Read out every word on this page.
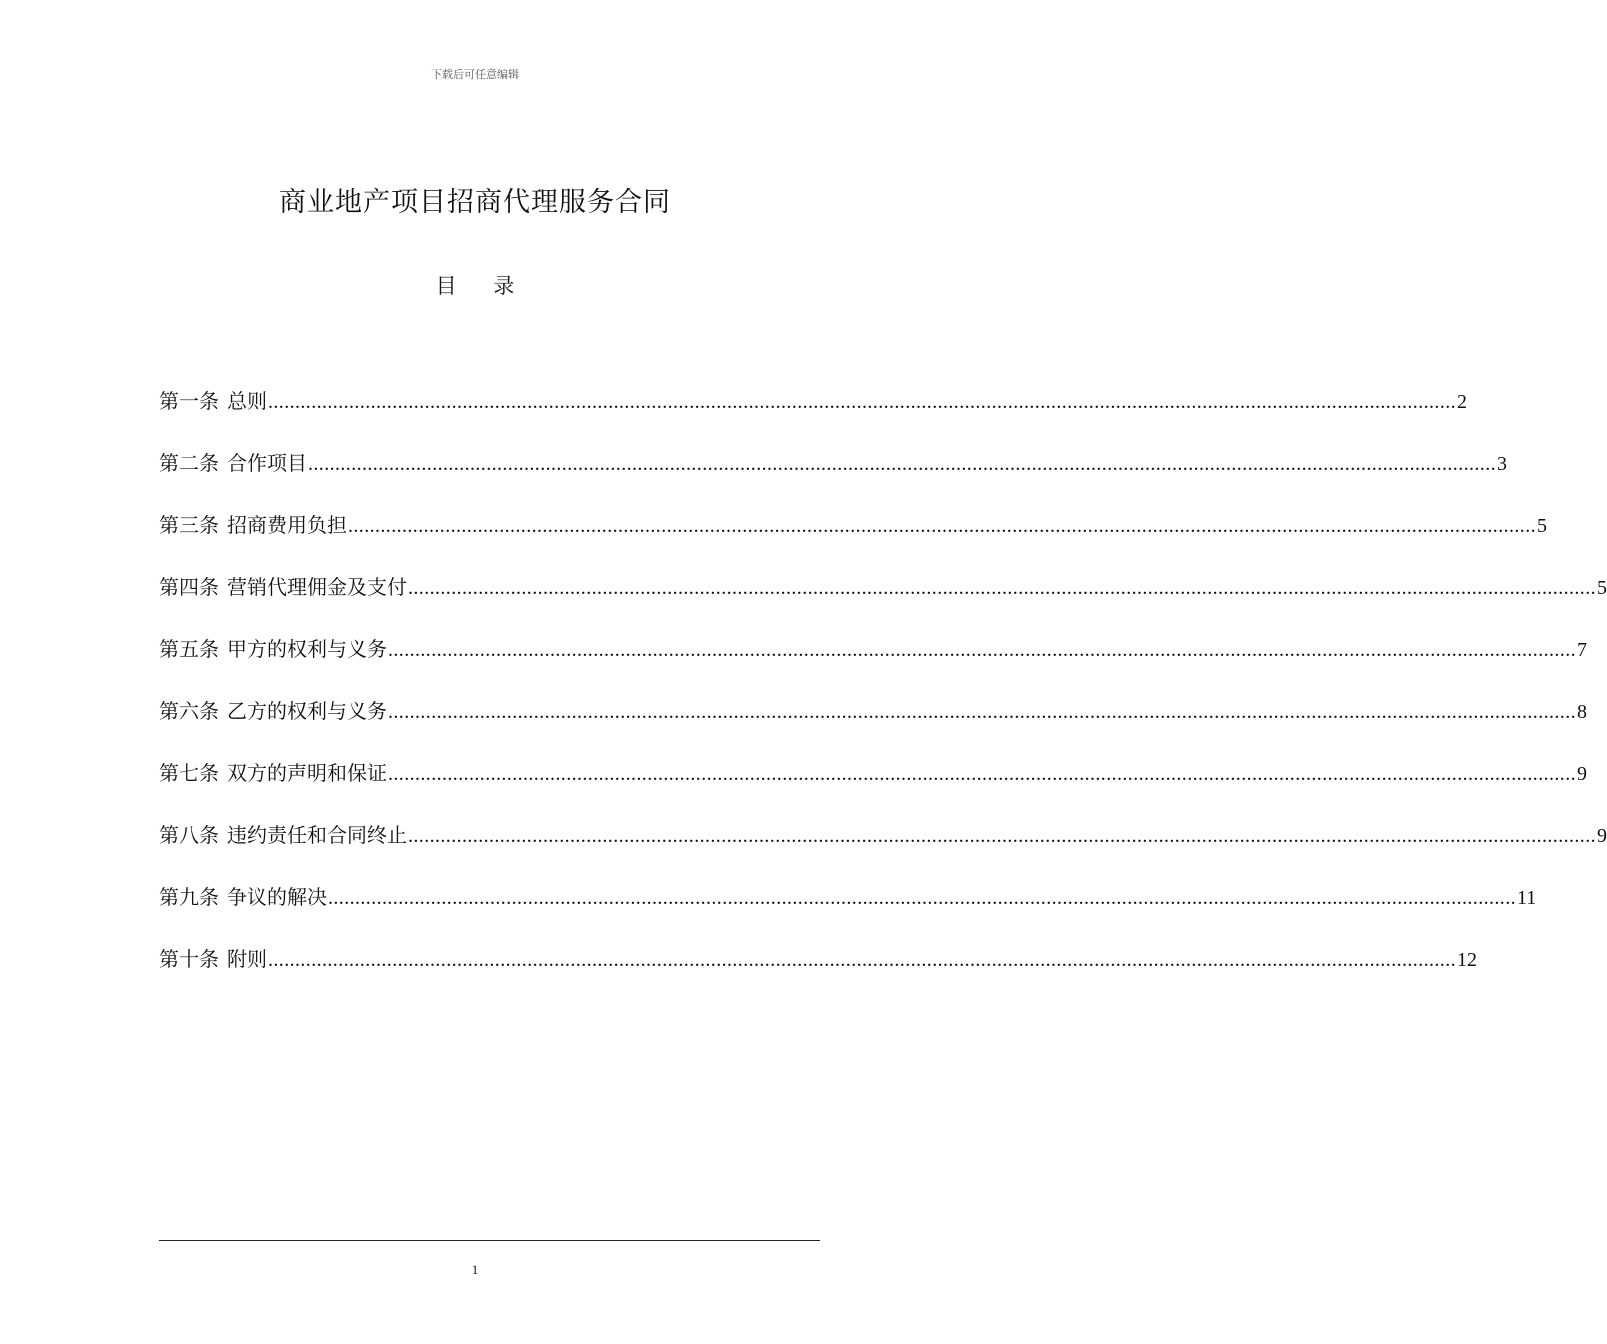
下载后可任意编辑
商业地产项目招商代理服务合同
目 录
第一条 总则 ............................................................................................................................................................................................................................ 2
第二条 合作项目 ............................................................................................................................................................................................................................ 3
第三条 招商费用负担 ............................................................................................................................................................................................................................ 5
第四条 营销代理佣金及支付 ............................................................................................................................................................................................................................ 5
第五条 甲方的权利与义务 ............................................................................................................................................................................................................................ 7
第六条 乙方的权利与义务 ............................................................................................................................................................................................................................ 8
第七条 双方的声明和保证 ............................................................................................................................................................................................................................ 9
第八条 违约责任和合同终止 ............................................................................................................................................................................................................................ 9
第九条 争议的解决 ............................................................................................................................................................................................................................ 11
第十条 附则 ............................................................................................................................................................................................................................ 12
1
